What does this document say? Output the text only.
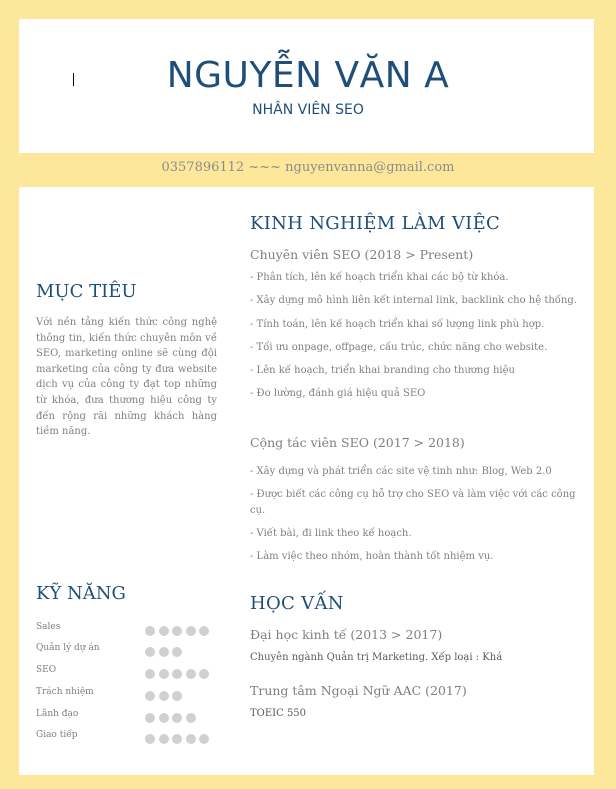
NGUYỄN VĂN A
NHÂN VIÊN SEO
0357896112 ~~~ nguyenvanna@gmail.com
MỤC TIÊU
Với nền tảng kiến thức công nghệ thông tin, kiến thức chuyên môn về SEO, marketing online sẽ cùng đội marketing của công ty đưa website dịch vụ của công ty đạt top những từ khóa, đưa thương hiệu công ty đến rộng rãi những khách hàng tiềm năng.
KỸ NĂNG
Sales
Quản lý dự án
SEO
Trách nhiệm
Lãnh đạo
Giao tiếp
KINH NGHIỆM LÀM VIỆC
Chuyên viên SEO (2018 > Present)
- Phân tích, lên kế hoạch triển khai các bộ từ khóa.
- Xây dựng mô hình liên kết internal link, backlink cho hệ thống.
- Tính toán, lên kế hoạch triển khai số lượng link phù hợp.
- Tối ưu onpage, offpage, cấu trúc, chức năng cho website.
- Lên kế hoạch, triển khai branding cho thương hiệu
- Đo lường, đánh giá hiệu quả SEO
Cộng tác viên SEO (2017 > 2018)
- Xây dựng và phát triển các site vệ tinh như: Blog, Web 2.0
- Được biết các công cụ hỗ trợ cho SEO và làm việc với các công cụ.
- Viết bài, đi link theo kế hoạch.
- Làm việc theo nhóm, hoàn thành tốt nhiệm vụ.
HỌC VẤN
Đại học kinh tế (2013 > 2017)
Chuyên ngành Quản trị Marketing. Xếp loại : Khá
Trung tâm Ngoại Ngữ AAC (2017)
TOEIC 550
